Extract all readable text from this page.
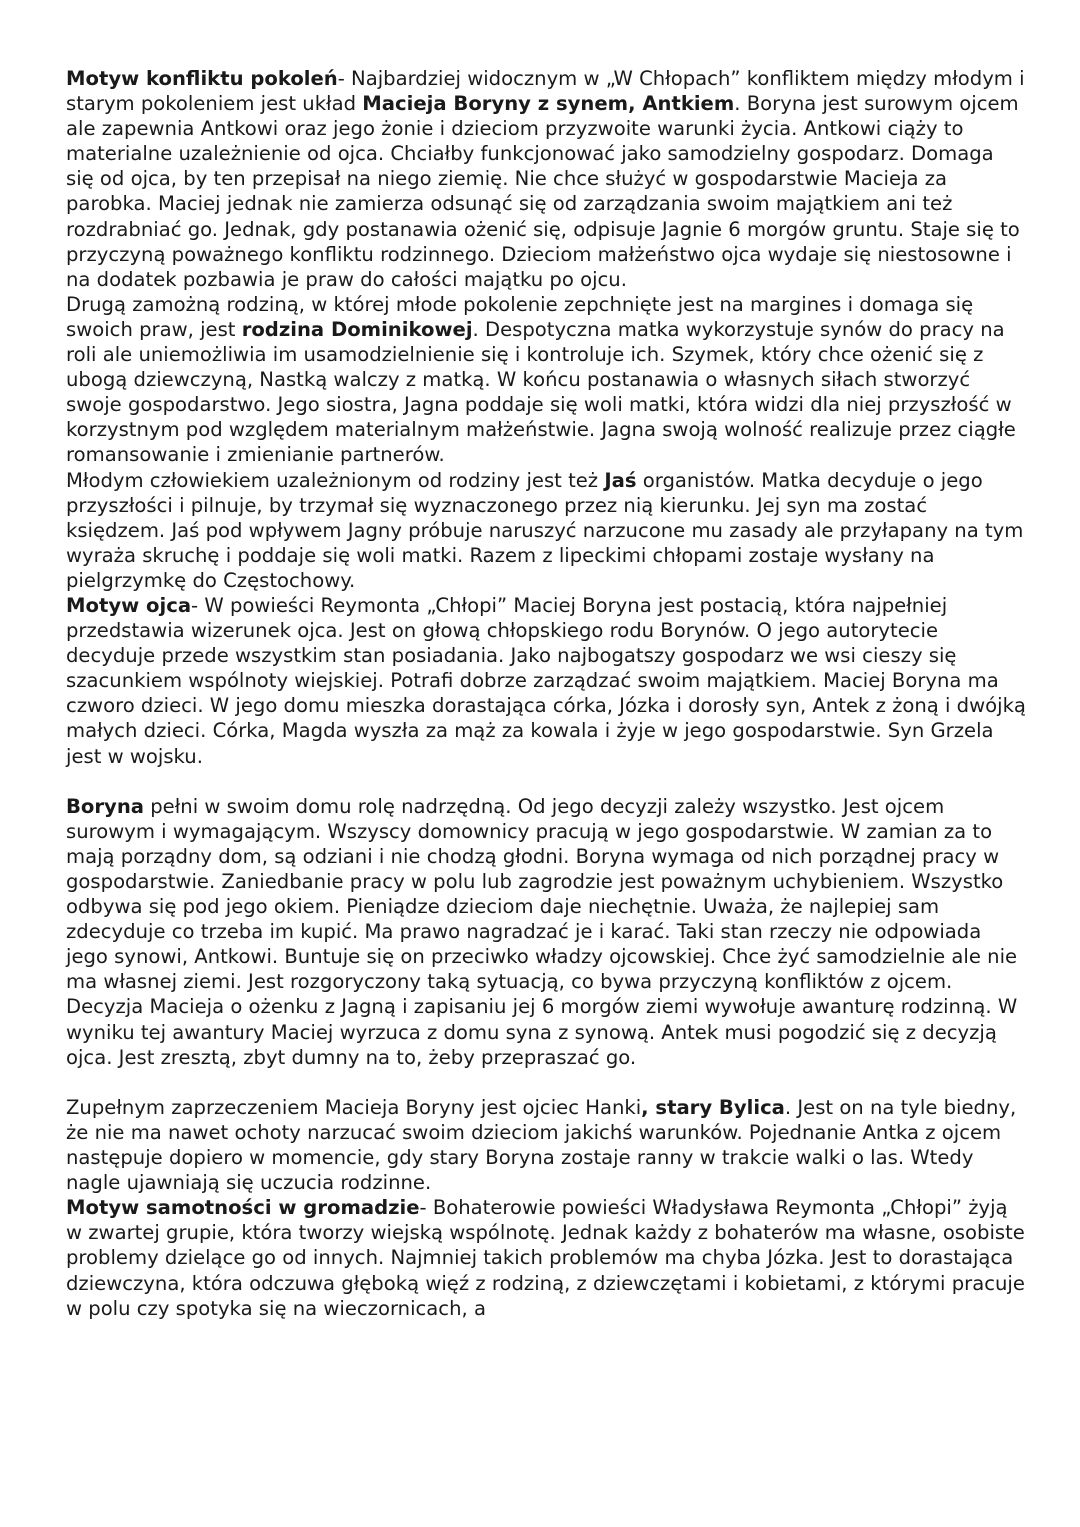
Motyw konfliktu pokoleń- Najbardziej widocznym w „W Chłopach” konfliktem między młodym i starym pokoleniem jest układ Macieja Boryny z synem, Antkiem. Boryna jest surowym ojcem ale zapewnia Antkowi oraz jego żonie i dzieciom przyzwoite warunki życia. Antkowi ciąży to materialne uzależnienie od ojca. Chciałby funkcjonować jako samodzielny gospodarz. Domaga się od ojca, by ten przepisał na niego ziemię. Nie chce służyć w gospodarstwie Macieja za parobka. Maciej jednak nie zamierza odsunąć się od zarządzania swoim majątkiem ani też rozdrabniać go. Jednak, gdy postanawia ożenić się, odpisuje Jagnie 6 morgów gruntu. Staje się to przyczyną poważnego konfliktu rodzinnego. Dzieciom małżeństwo ojca wydaje się niestosowne i na dodatek pozbawia je praw do całości majątku po ojcu.

Drugą zamożną rodziną, w której młode pokolenie zepchnięte jest na margines i domaga się swoich praw, jest rodzina Dominikowej. Despotyczna matka wykorzystuje synów do pracy na roli ale uniemożliwia im usamodzielnienie się i kontroluje ich. Szymek, który chce ożenić się z ubogą dziewczyną, Nastką walczy z matką. W końcu postanawia o własnych siłach stworzyć swoje gospodarstwo. Jego siostra, Jagna poddaje się woli matki, która widzi dla niej przyszłość w korzystnym pod względem materialnym małżeństwie. Jagna swoją wolność realizuje przez ciągłe romansowanie i zmienianie partnerów.

Młodym człowiekiem uzależnionym od rodziny jest też Jaś organistów. Matka decyduje o jego przyszłości i pilnuje, by trzymał się wyznaczonego przez nią kierunku. Jej syn ma zostać księdzem. Jaś pod wpływem Jagny próbuje naruszyć narzucone mu zasady ale przyłapany na tym wyraża skruchę i poddaje się woli matki. Razem z lipeckimi chłopami zostaje wysłany na pielgrzymkę do Częstochowy.

Motyw ojca- W powieści Reymonta „Chłopi” Maciej Boryna jest postacią, która najpełniej przedstawia wizerunek ojca. Jest on głową chłopskiego rodu Borynów. O jego autorytecie decyduje przede wszystkim stan posiadania. Jako najbogatszy gospodarz we wsi cieszy się szacunkiem wspólnoty wiejskiej. Potrafi dobrze zarządzać swoim majątkiem. Maciej Boryna ma czworo dzieci. W jego domu mieszka dorastająca córka, Józka i dorosły syn, Antek z żoną i dwójką małych dzieci. Córka, Magda wyszła za mąż za kowala i żyje w jego gospodarstwie. Syn Grzela jest w wojsku.

Boryna pełni w swoim domu rolę nadrzędną. Od jego decyzji zależy wszystko. Jest ojcem surowym i wymagającym. Wszyscy domownicy pracują w jego gospodarstwie. W zamian za to mają porządny dom, są odziani i nie chodzą głodni. Boryna wymaga od nich porządnej pracy w gospodarstwie. Zaniedbanie pracy w polu lub zagrodzie jest poważnym uchybieniem. Wszystko odbywa się pod jego okiem. Pieniądze dzieciom daje niechętnie. Uważa, że najlepiej sam zdecyduje co trzeba im kupić. Ma prawo nagradzać je i karać. Taki stan rzeczy nie odpowiada jego synowi, Antkowi. Buntuje się on przeciwko władzy ojcowskiej. Chce żyć samodzielnie ale nie ma własnej ziemi. Jest rozgoryczony taką sytuacją, co bywa przyczyną konfliktów z ojcem. Decyzja Macieja o ożenku z Jagną i zapisaniu jej 6 morgów ziemi wywołuje awanturę rodzinną. W wyniku tej awantury Maciej wyrzuca z domu syna z synową. Antek musi pogodzić się z decyzją ojca. Jest zresztą, zbyt dumny na to, żeby przepraszać go.

Zupełnym zaprzeczeniem Macieja Boryny jest ojciec Hanki, stary Bylica. Jest on na tyle biedny, że nie ma nawet ochoty narzucać swoim dzieciom jakichś warunków. Pojednanie Antka z ojcem następuje dopiero w momencie, gdy stary Boryna zostaje ranny w trakcie walki o las. Wtedy nagle ujawniają się uczucia rodzinne.

Motyw samotności w gromadzie- Bohaterowie powieści Władysława Reymonta „Chłopi” żyją w zwartej grupie, która tworzy wiejską wspólnotę. Jednak każdy z bohaterów ma własne, osobiste problemy dzielące go od innych. Najmniej takich problemów ma chyba Józka. Jest to dorastająca dziewczyna, która odczuwa głęboką więź z rodziną, z dziewczętami i kobietami, z którymi pracuje w polu czy spotyka się na wieczornicach, a
